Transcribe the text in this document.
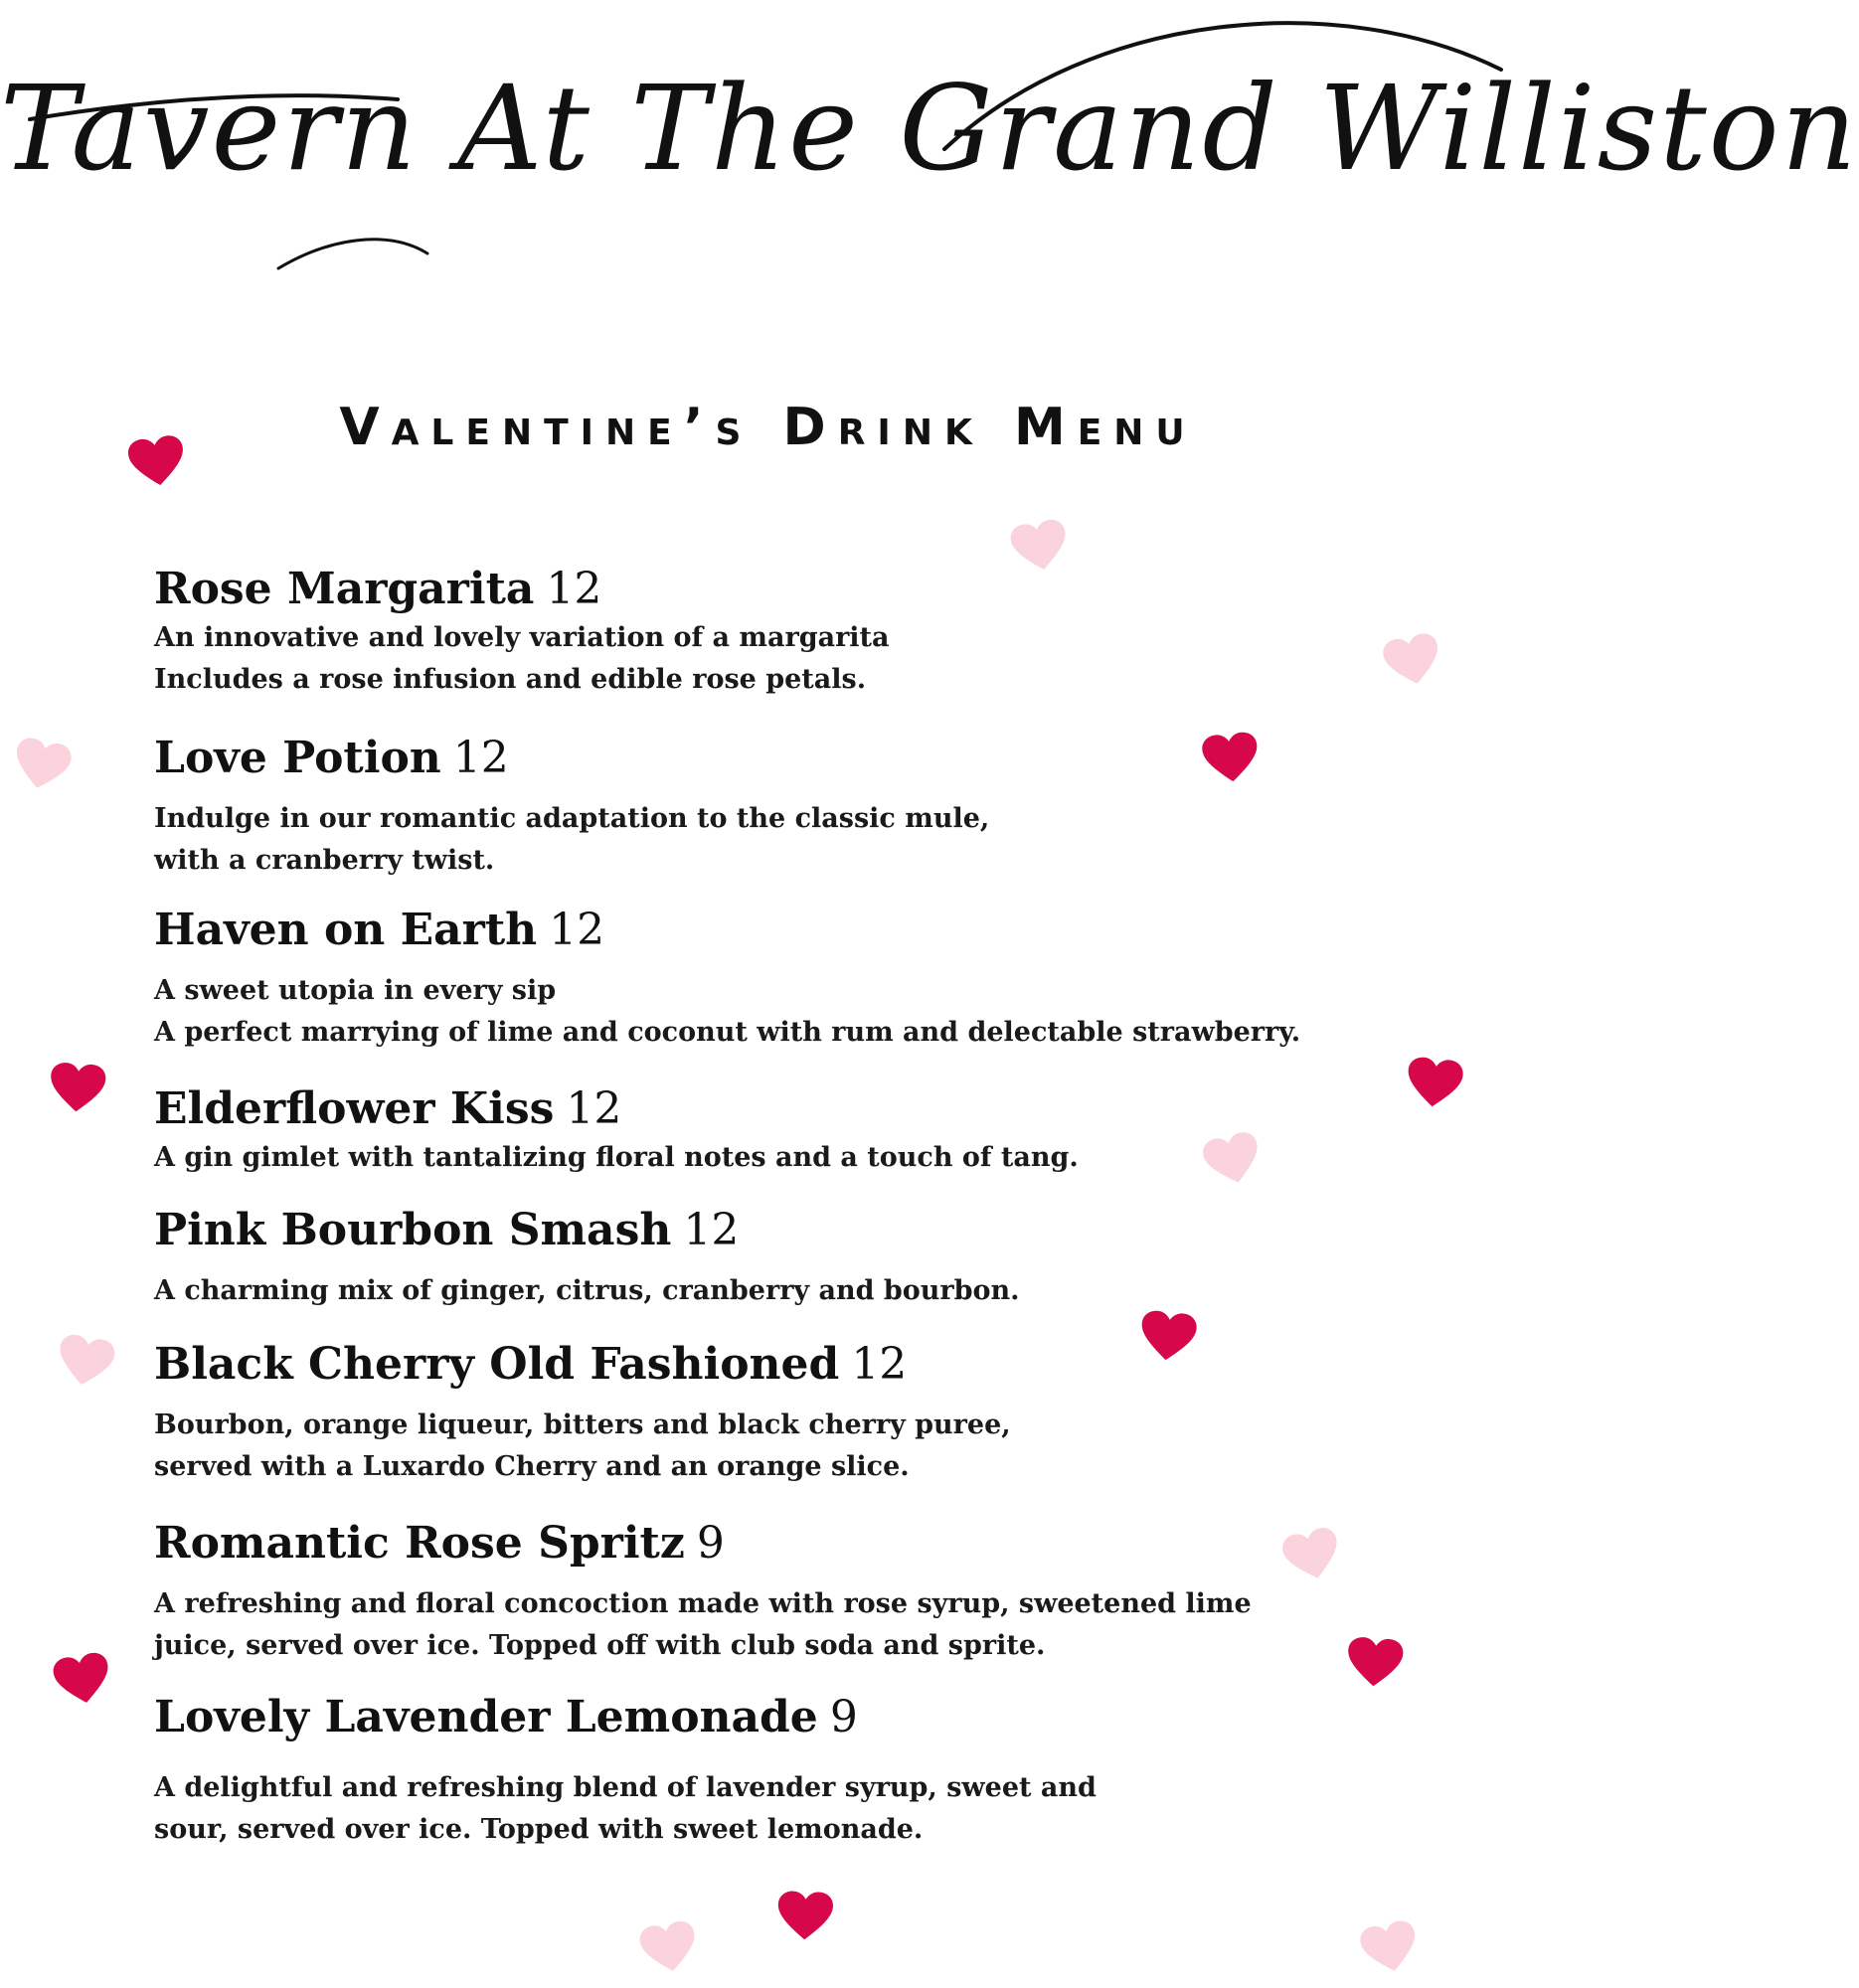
Tavern At The Grand Williston
Valentine’s Drink Menu
Rose Margarita 12
An innovative and lovely variation of a margarita
Includes a rose infusion and edible rose petals.
Love Potion 12
Indulge in our romantic adaptation to the classic mule,
with a cranberry twist.
Haven on Earth 12
A sweet utopia in every sip
A perfect marrying of lime and coconut with rum and delectable strawberry.
Elderflower Kiss 12
A gin gimlet with tantalizing floral notes and a touch of tang.
Pink Bourbon Smash 12
A charming mix of ginger, citrus, cranberry and bourbon.
Black Cherry Old Fashioned 12
Bourbon, orange liqueur, bitters and black cherry puree,
served with a Luxardo Cherry and an orange slice.
Romantic Rose Spritz 9
A refreshing and floral concoction made with rose syrup, sweetened lime
juice, served over ice. Topped off with club soda and sprite.
Lovely Lavender Lemonade 9
A delightful and refreshing blend of lavender syrup, sweet and
sour, served over ice. Topped with sweet lemonade.
